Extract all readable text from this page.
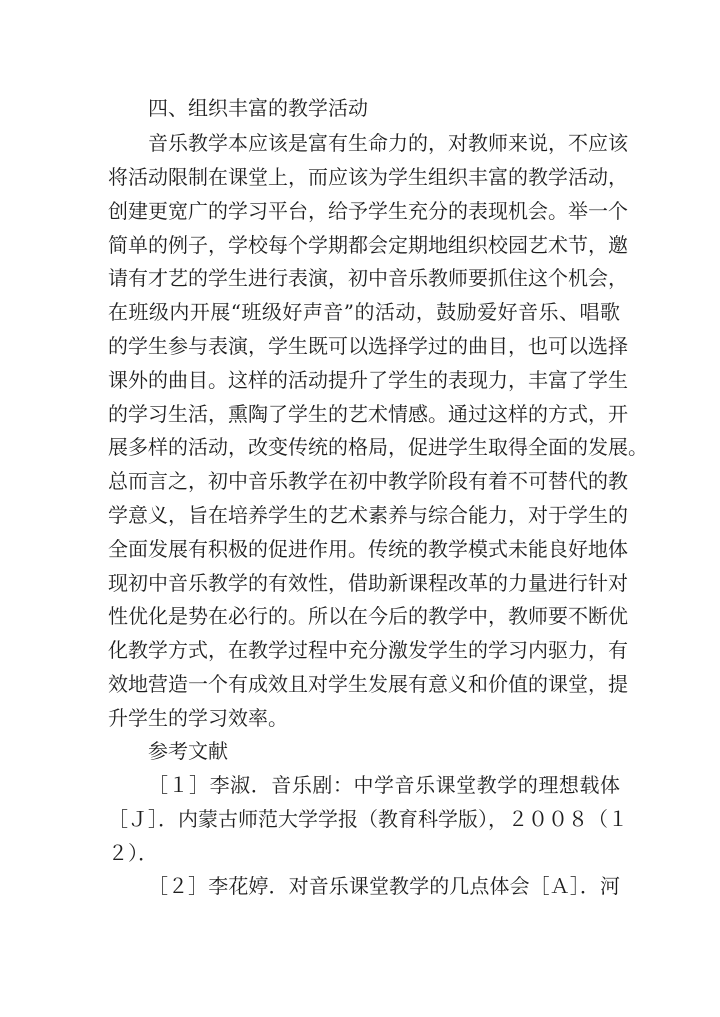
四、组织丰富的教学活动
音乐教学本应该是富有生命力的，对教师来说，不应该
将活动限制在课堂上，而应该为学生组织丰富的教学活动，
创建更宽广的学习平台，给予学生充分的表现机会。举一个
简单的例子，学校每个学期都会定期地组织校园艺术节，邀
请有才艺的学生进行表演，初中音乐教师要抓住这个机会，
在班级内开展“班级好声音”的活动，鼓励爱好音乐、唱歌
的学生参与表演，学生既可以选择学过的曲目，也可以选择
课外的曲目。这样的活动提升了学生的表现力，丰富了学生
的学习生活，熏陶了学生的艺术情感。通过这样的方式，开
展多样的活动，改变传统的格局，促进学生取得全面的发展。
总而言之，初中音乐教学在初中教学阶段有着不可替代的教
学意义，旨在培养学生的艺术素养与综合能力，对于学生的
全面发展有积极的促进作用。传统的教学模式未能良好地体
现初中音乐教学的有效性，借助新课程改革的力量进行针对
性优化是势在必行的。所以在今后的教学中，教师要不断优
化教学方式，在教学过程中充分激发学生的学习内驱力，有
效地营造一个有成效且对学生发展有意义和价值的课堂，提
升学生的学习效率。
参考文献
［１］李淑．音乐剧：中学音乐课堂教学的理想载体
［Ｊ］．内蒙古师范大学学报（教育科学版），２００８（１
２）．
［２］李花婷．对音乐课堂教学的几点体会［Ａ］．河
